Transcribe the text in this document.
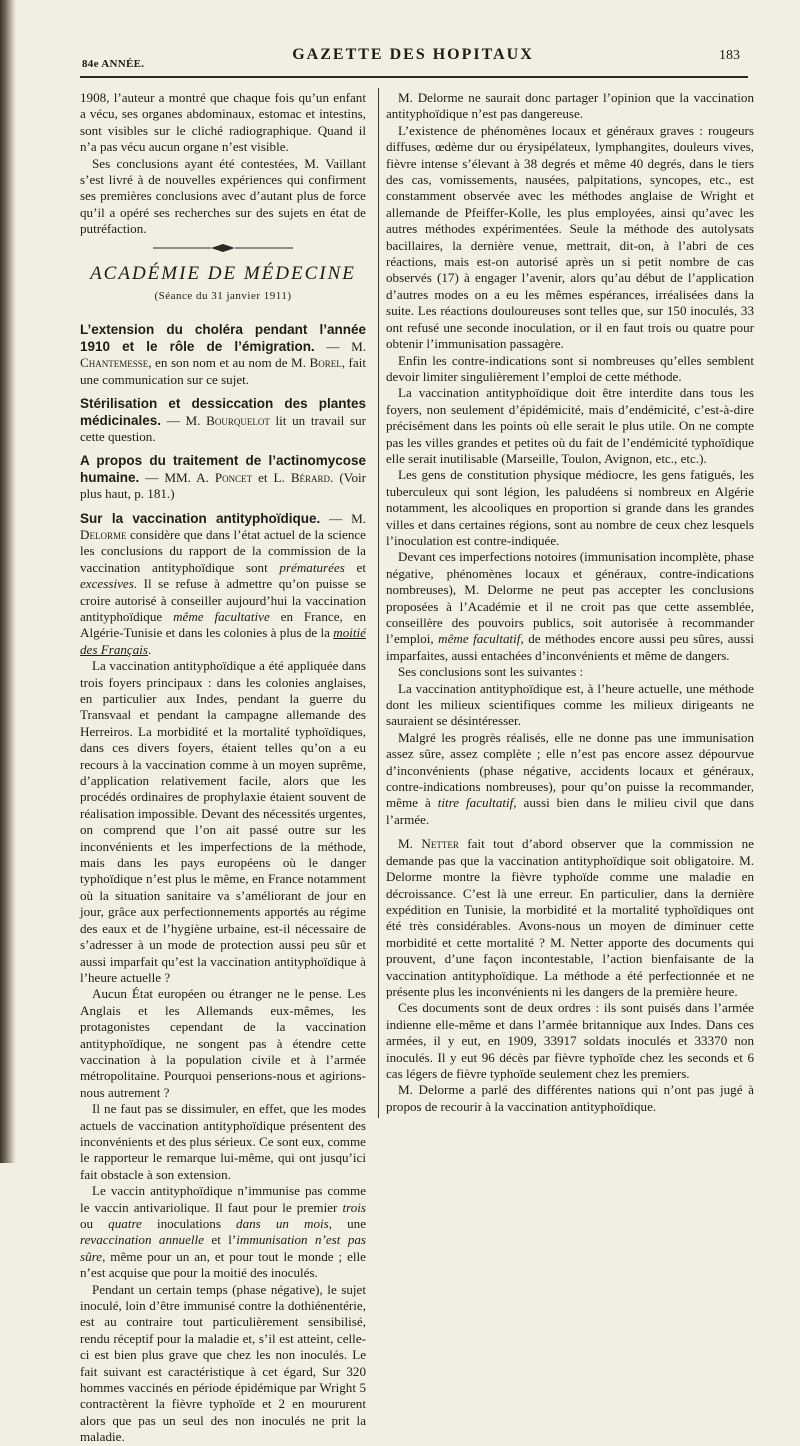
84e ANNÉE.
GAZETTE DES HOPITAUX	183

1908, l’auteur a montré que chaque fois qu’un enfant a vécu, ses organes abdominaux, estomac et intestins, sont visibles sur le cliché radiographique. Quand il n’a pas vécu aucun organe n’est visible.

Ses conclusions ayant été contestées, M. Vaillant s’est livré à de nouvelles expériences qui confirment ses premières conclusions avec d’autant plus de force qu’il a opéré ses recherches sur des sujets en état de putréfaction.

ACADÉMIE DE MÉDECINE
(Séance du 31 janvier 1911)

L’extension du choléra pendant l’année 1910 et le rôle de l’émigration. — M. Chantemesse, en son nom et au nom de M. Borel, fait une communication sur ce sujet.

Stérilisation et dessiccation des plantes médicinales. — M. Bourquelot lit un travail sur cette question.

A propos du traitement de l’actinomycose humaine. — MM. A. Poncet et L. Bérard. (Voir plus haut, p. 181.)

Sur la vaccination antityphoïdique. — M. Delorme considère que dans l’état actuel de la science les conclusions du rapport de la commission de la vaccination antityphoïdique sont prématurées et excessives. Il se refuse à admettre qu’on puisse se croire autorisé à conseiller aujourd’hui la vaccination antityphoïdique même facultative en France, en Algérie-Tunisie et dans les colonies à plus de la moitié des Français.

La vaccination antityphoïdique a été appliquée dans trois foyers principaux : dans les colonies anglaises, en particulier aux Indes, pendant la guerre du Transvaal et pendant la campagne allemande des Herreiros. La morbidité et la mortalité typhoïdiques, dans ces divers foyers, étaient telles qu’on a eu recours à la vaccination comme à un moyen suprême, d’application relativement facile, alors que les procédés ordinaires de prophylaxie étaient souvent de réalisation impossible. Devant des nécessités urgentes, on comprend que l’on ait passé outre sur les inconvénients et les imperfections de la méthode, mais dans les pays européens où le danger typhoïdique n’est plus le même, en France notamment où la situation sanitaire va s’améliorant de jour en jour, grâce aux perfectionnements apportés au régime des eaux et de l’hygiène urbaine, est-il nécessaire de s’adresser à un mode de protection aussi peu sûr et aussi imparfait qu’est la vaccination antityphoïdique à l’heure actuelle ?

Aucun État européen ou étranger ne le pense. Les Anglais et les Allemands eux-mêmes, les protagonistes cependant de la vaccination antityphoïdique, ne songent pas à étendre cette vaccination à la population civile et à l’armée métropolitaine. Pourquoi penserions-nous et agirions-nous autrement ?

Il ne faut pas se dissimuler, en effet, que les modes actuels de vaccination antityphoïdique présentent des inconvénients et des plus sérieux. Ce sont eux, comme le rapporteur le remarque lui-même, qui ont jusqu’ici fait obstacle à son extension.

Le vaccin antityphoïdique n’immunise pas comme le vaccin antivariolique. Il faut pour le premier trois ou quatre inoculations dans un mois, une revaccination annuelle et l’immunisation n’est pas sûre, même pour un an, et pour tout le monde ; elle n’est acquise que pour la moitié des inoculés.

Pendant un certain temps (phase négative), le sujet inoculé, loin d’être immunisé contre la dothiénentérie, est au contraire tout particulièrement sensibilisé, rendu réceptif pour la maladie et, s’il est atteint, celle-ci est bien plus grave que chez les non inoculés. Le fait suivant est caractéristique à cet égard, Sur 320 hommes vaccinés en période épidémique par Wright 5 contractèrent la fièvre typhoïde et 2 en moururent alors que pas un seul des non inoculés ne prit la maladie.

M. Delorme ne saurait donc partager l’opinion que la vaccination antityphoïdique n’est pas dangereuse.

L’existence de phénomènes locaux et généraux graves : rougeurs diffuses, œdème dur ou érysipélateux, lymphangites, douleurs vives, fièvre intense s’élevant à 38 degrés et même 40 degrés, dans le tiers des cas, vomissements, nausées, palpitations, syncopes, etc., est constamment observée avec les méthodes anglaise de Wright et allemande de Pfeiffer-Kolle, les plus employées, ainsi qu’avec les autres méthodes expérimentées. Seule la méthode des autolysats bacillaires, la dernière venue, mettrait, dit-on, à l’abri de ces réactions, mais est-on autorisé après un si petit nombre de cas observés (17) à engager l’avenir, alors qu’au début de l’application d’autres modes on a eu les mêmes espérances, irréalisées dans la suite. Les réactions douloureuses sont telles que, sur 150 inoculés, 33 ont refusé une seconde inoculation, or il en faut trois ou quatre pour obtenir l’immunisation passagère.

Enfin les contre-indications sont si nombreuses qu’elles semblent devoir limiter singulièrement l’emploi de cette méthode.

La vaccination antityphoïdique doit être interdite dans tous les foyers, non seulement d’épidémicité, mais d’endémicité, c’est-à-dire précisément dans les points où elle serait le plus utile. On ne compte pas les villes grandes et petites où du fait de l’endémicité typhoïdique elle serait inutilisable (Marseille, Toulon, Avignon, etc., etc.).

Les gens de constitution physique médiocre, les gens fatigués, les tuberculeux qui sont légion, les paludéens si nombreux en Algérie notamment, les alcooliques en proportion si grande dans les grandes villes et dans certaines régions, sont au nombre de ceux chez lesquels l’inoculation est contre-indiquée.

Devant ces imperfections notoires (immunisation incomplète, phase négative, phénomènes locaux et généraux, contre-indications nombreuses), M. Delorme ne peut pas accepter les conclusions proposées à l’Académie et il ne croit pas que cette assemblée, conseillère des pouvoirs publics, soit autorisée à recommander l’emploi, même facultatif, de méthodes encore aussi peu sûres, aussi imparfaites, aussi entachées d’inconvénients et même de dangers.

Ses conclusions sont les suivantes :

La vaccination antityphoïdique est, à l’heure actuelle, une méthode dont les milieux scientifiques comme les milieux dirigeants ne sauraient se désintéresser.

Malgré les progrès réalisés, elle ne donne pas une immunisation assez sûre, assez complète ; elle n’est pas encore assez dépourvue d’inconvénients (phase négative, accidents locaux et généraux, contre-indications nombreuses), pour qu’on puisse la recommander, même à titre facultatif, aussi bien dans le milieu civil que dans l’armée.

M. Netter fait tout d’abord observer que la commission ne demande pas que la vaccination antityphoïdique soit obligatoire. M. Delorme montre la fièvre typhoïde comme une maladie en décroissance. C’est là une erreur. En particulier, dans la dernière expédition en Tunisie, la morbidité et la mortalité typhoïdiques ont été très considérables. Avons-nous un moyen de diminuer cette morbidité et cette mortalité ? M. Netter apporte des documents qui prouvent, d’une façon incontestable, l’action bienfaisante de la vaccination antityphoïdique. La méthode a été perfectionnée et ne présente plus les inconvénients ni les dangers de la première heure.

Ces documents sont de deux ordres : ils sont puisés dans l’armée indienne elle-même et dans l’armée britannique aux Indes. Dans ces armées, il y eut, en 1909, 33917 soldats inoculés et 33370 non inoculés. Il y eut 96 décès par fièvre typhoïde chez les seconds et 6 cas légers de fièvre typhoïde seulement chez les premiers.

M. Delorme a parlé des différentes nations qui n’ont pas jugé à propos de recourir à la vaccination antityphoïdique.
